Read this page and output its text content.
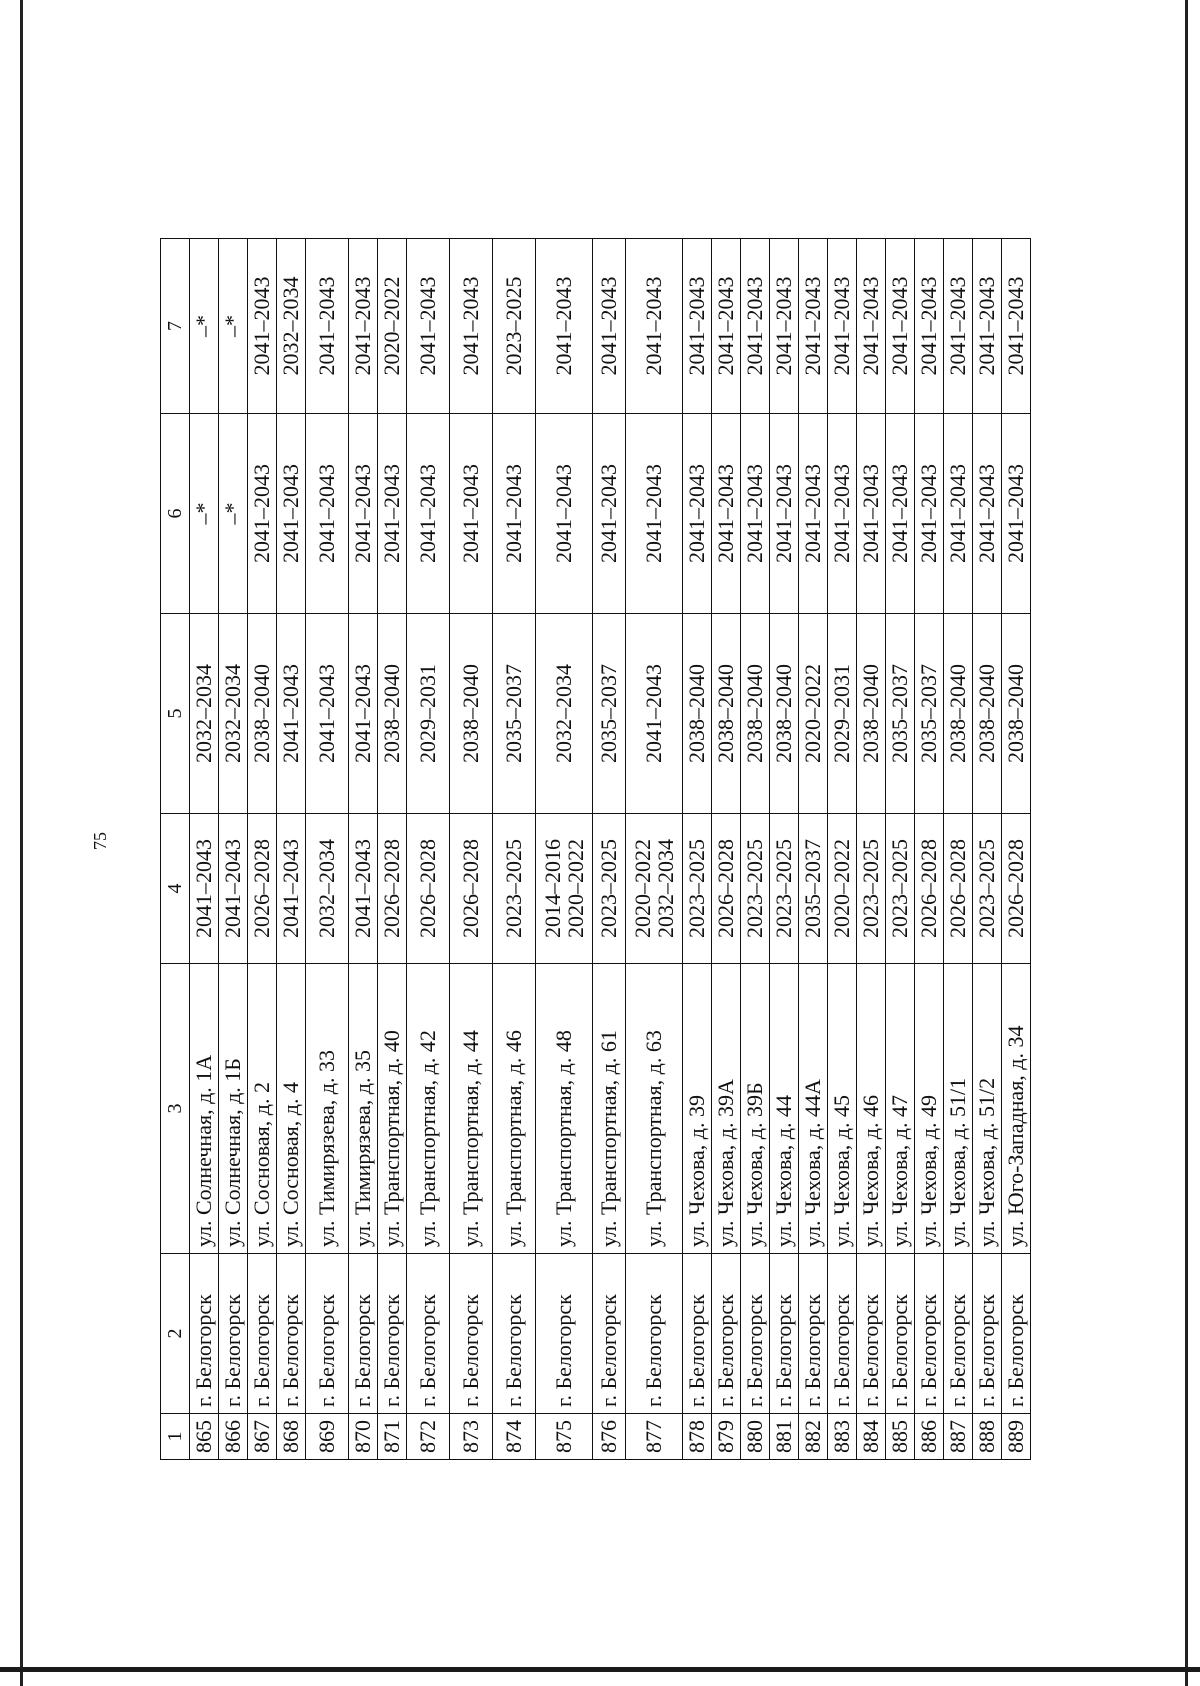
75
1	2	3	4	5	6	7
865	г. Белогорск	ул. Солнечная, д. 1А	2041–2043	2032–2034	–*	–*
866	г. Белогорск	ул. Солнечная, д. 1Б	2041–2043	2032–2034	–*	–*
867	г. Белогорск	ул. Сосновая, д. 2	2026–2028	2038–2040	2041–2043	2041–2043
868	г. Белогорск	ул. Сосновая, д. 4	2041–2043	2041–2043	2041–2043	2032–2034
869	г. Белогорск	ул. Тимирязева, д. 33	2032–2034	2041–2043	2041–2043	2041–2043
870	г. Белогорск	ул. Тимирязева, д. 35	2041–2043	2041–2043	2041–2043	2041–2043
871	г. Белогорск	ул. Транспортная, д. 40	2026–2028	2038–2040	2041–2043	2020–2022
872	г. Белогорск	ул. Транспортная, д. 42	2026–2028	2029–2031	2041–2043	2041–2043
873	г. Белогорск	ул. Транспортная, д. 44	2026–2028	2038–2040	2041–2043	2041–2043
874	г. Белогорск	ул. Транспортная, д. 46	2023–2025	2035–2037	2041–2043	2023–2025
875	г. Белогорск	ул. Транспортная, д. 48	2014–2016
2020–2022	2032–2034	2041–2043	2041–2043
876	г. Белогорск	ул. Транспортная, д. 61	2023–2025	2035–2037	2041–2043	2041–2043
877	г. Белогорск	ул. Транспортная, д. 63	2020–2022
2032–2034	2041–2043	2041–2043	2041–2043
878	г. Белогорск	ул. Чехова, д. 39	2023–2025	2038–2040	2041–2043	2041–2043
879	г. Белогорск	ул. Чехова, д. 39А	2026–2028	2038–2040	2041–2043	2041–2043
880	г. Белогорск	ул. Чехова, д. 39Б	2023–2025	2038–2040	2041–2043	2041–2043
881	г. Белогорск	ул. Чехова, д. 44	2023–2025	2038–2040	2041–2043	2041–2043
882	г. Белогорск	ул. Чехова, д. 44А	2035–2037	2020–2022	2041–2043	2041–2043
883	г. Белогорск	ул. Чехова, д. 45	2020–2022	2029–2031	2041–2043	2041–2043
884	г. Белогорск	ул. Чехова, д. 46	2023–2025	2038–2040	2041–2043	2041–2043
885	г. Белогорск	ул. Чехова, д. 47	2023–2025	2035–2037	2041–2043	2041–2043
886	г. Белогорск	ул. Чехова, д. 49	2026–2028	2035–2037	2041–2043	2041–2043
887	г. Белогорск	ул. Чехова, д. 51/1	2026–2028	2038–2040	2041–2043	2041–2043
888	г. Белогорск	ул. Чехова, д. 51/2	2023–2025	2038–2040	2041–2043	2041–2043
889	г. Белогорск	ул. Юго-Западная, д. 34	2026–2028	2038–2040	2041–2043	2041–2043
